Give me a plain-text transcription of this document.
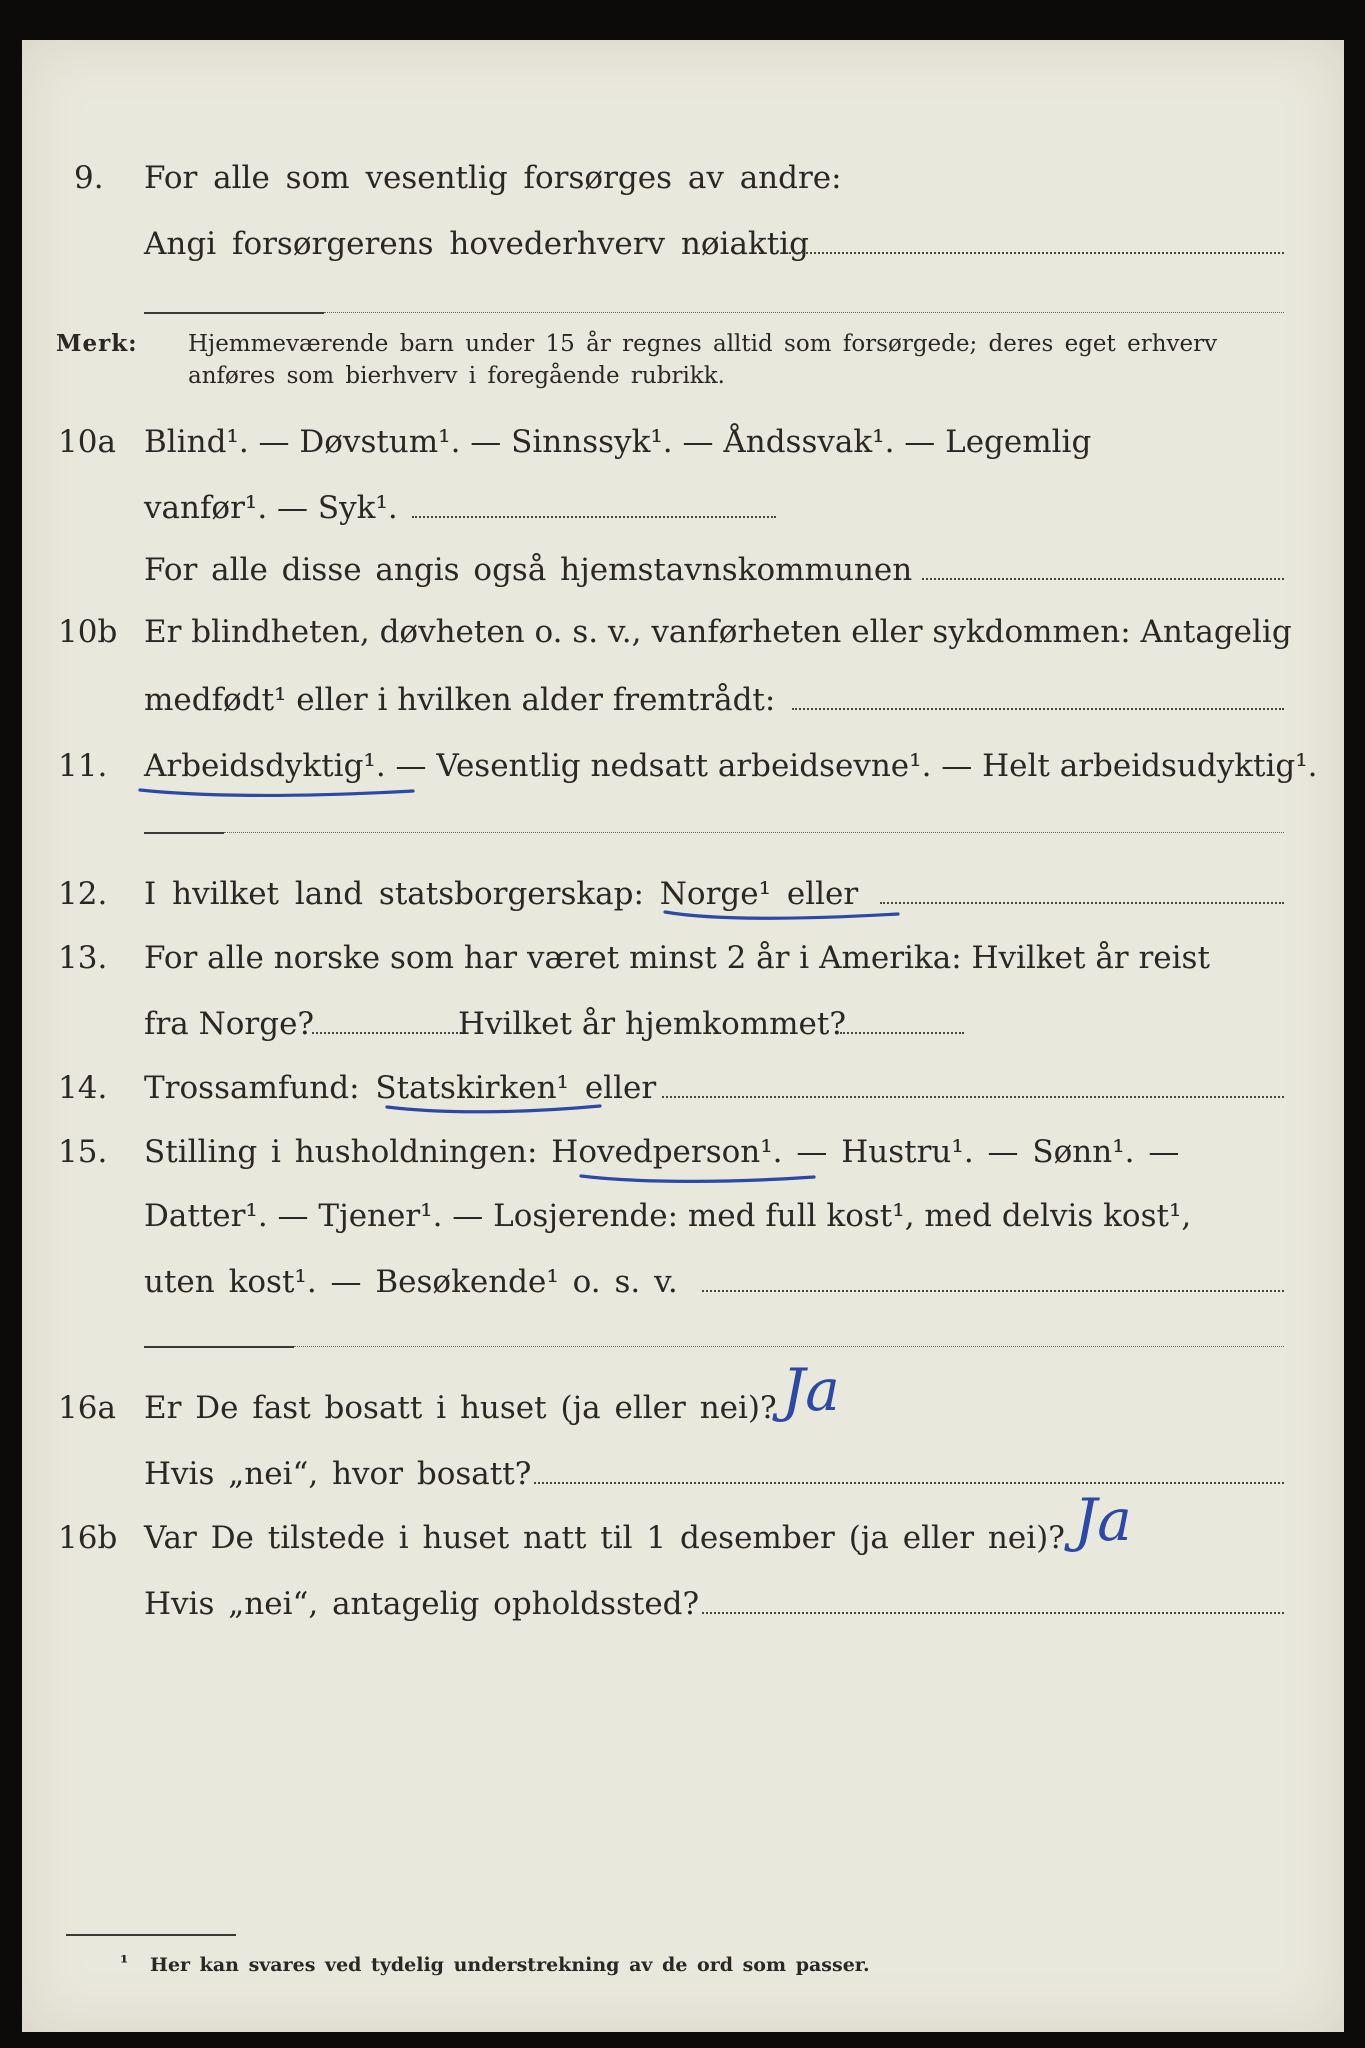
9. For alle som vesentlig forsørges av andre:
Angi forsørgerens hovederhverv nøiaktig
Merk: Hjemmeværende barn under 15 år regnes alltid som forsørgede; deres eget erhverv
anføres som bierhverv i foregående rubrikk.
10a Blind¹. — Døvstum¹. — Sinnssyk¹. — Åndssvak¹. — Legemlig
vanfør¹. — Syk¹.
For alle disse angis også hjemstavnskommunen
10b Er blindheten, døvheten o. s. v., vanførheten eller sykdommen: Antagelig
medfødt¹ eller i hvilken alder fremtrådt:
11. Arbeidsdyktig¹. — Vesentlig nedsatt arbeidsevne¹. — Helt arbeidsudyktig¹.
12. I hvilket land statsborgerskap: Norge¹ eller
13. For alle norske som har været minst 2 år i Amerika: Hvilket år reist
fra Norge?	Hvilket år hjemkommet?
14. Trossamfund: Statskirken¹ eller
15. Stilling i husholdningen: Hovedperson¹. — Hustru¹. — Sønn¹. —
Datter¹. — Tjener¹. — Losjerende: med full kost¹, med delvis kost¹,
uten kost¹. — Besøkende¹ o. s. v.
16a Er De fast bosatt i huset (ja eller nei)? Ja
Hvis „nei“, hvor bosatt?
16b Var De tilstede i huset natt til 1 desember (ja eller nei)? Ja
Hvis „nei“, antagelig opholdssted?
¹ Her kan svares ved tydelig understrekning av de ord som passer.
